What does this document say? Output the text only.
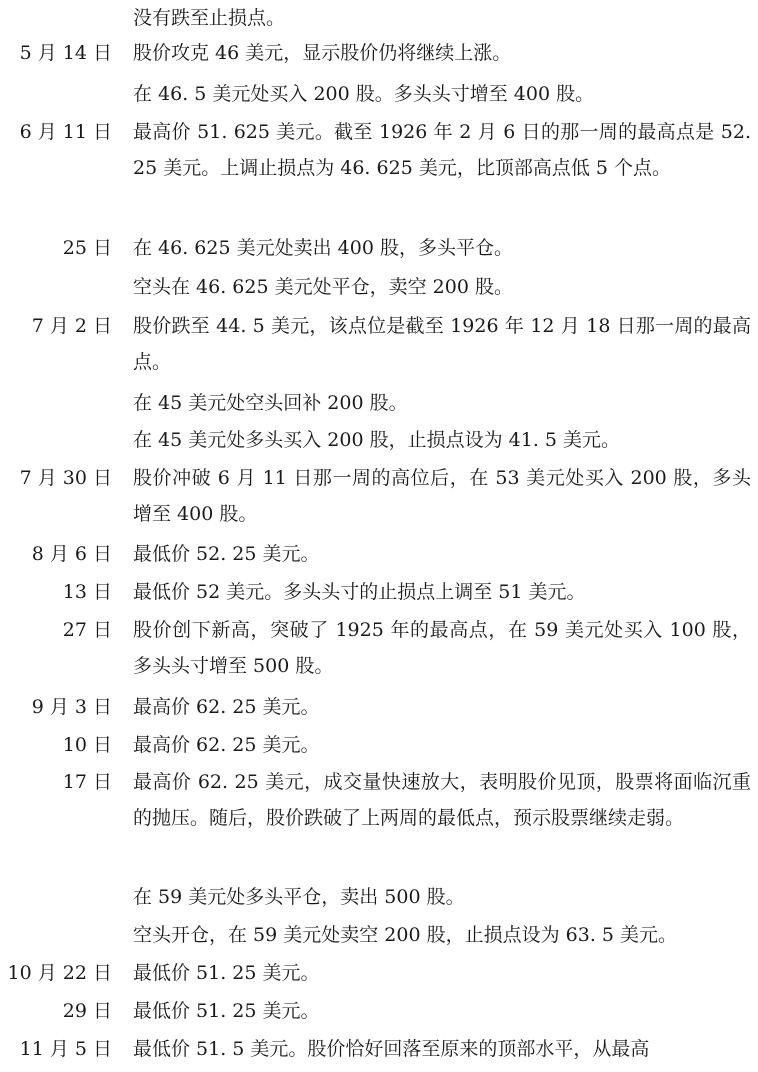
没有跌至止损点。
5 月 14 日 股价攻克 46 美元，显示股价仍将继续上涨。
在 46. 5 美元处买入 200 股。多头头寸增至 400 股。
6 月 11 日 最高价 51. 625 美元。截至 1926 年 2 月 6 日的那一周的最高点是 52. 25 美元。上调止损点为 46. 625 美元，比顶部高点低 5 个点。
25 日 在 46. 625 美元处卖出 400 股，多头平仓。
空头在 46. 625 美元处平仓，卖空 200 股。
7 月 2 日 股价跌至 44. 5 美元，该点位是截至 1926 年 12 月 18 日那一周的最高点。
在 45 美元处空头回补 200 股。
在 45 美元处多头买入 200 股，止损点设为 41. 5 美元。
7 月 30 日 股价冲破 6 月 11 日那一周的高位后，在 53 美元处买入 200 股，多头增至 400 股。
8 月 6 日 最低价 52. 25 美元。
13 日 最低价 52 美元。多头头寸的止损点上调至 51 美元。
27 日 股价创下新高，突破了 1925 年的最高点，在 59 美元处买入 100 股，多头头寸增至 500 股。
9 月 3 日 最高价 62. 25 美元。
10 日 最高价 62. 25 美元。
17 日 最高价 62. 25 美元，成交量快速放大，表明股价见顶，股票将面临沉重的抛压。随后，股价跌破了上两周的最低点，预示股票继续走弱。
在 59 美元处多头平仓，卖出 500 股。
空头开仓，在 59 美元处卖空 200 股，止损点设为 63. 5 美元。
10 月 22 日 最低价 51. 25 美元。
29 日 最低价 51. 25 美元。
11 月 5 日 最低价 51. 5 美元。股价恰好回落至原来的顶部水平，从最高
